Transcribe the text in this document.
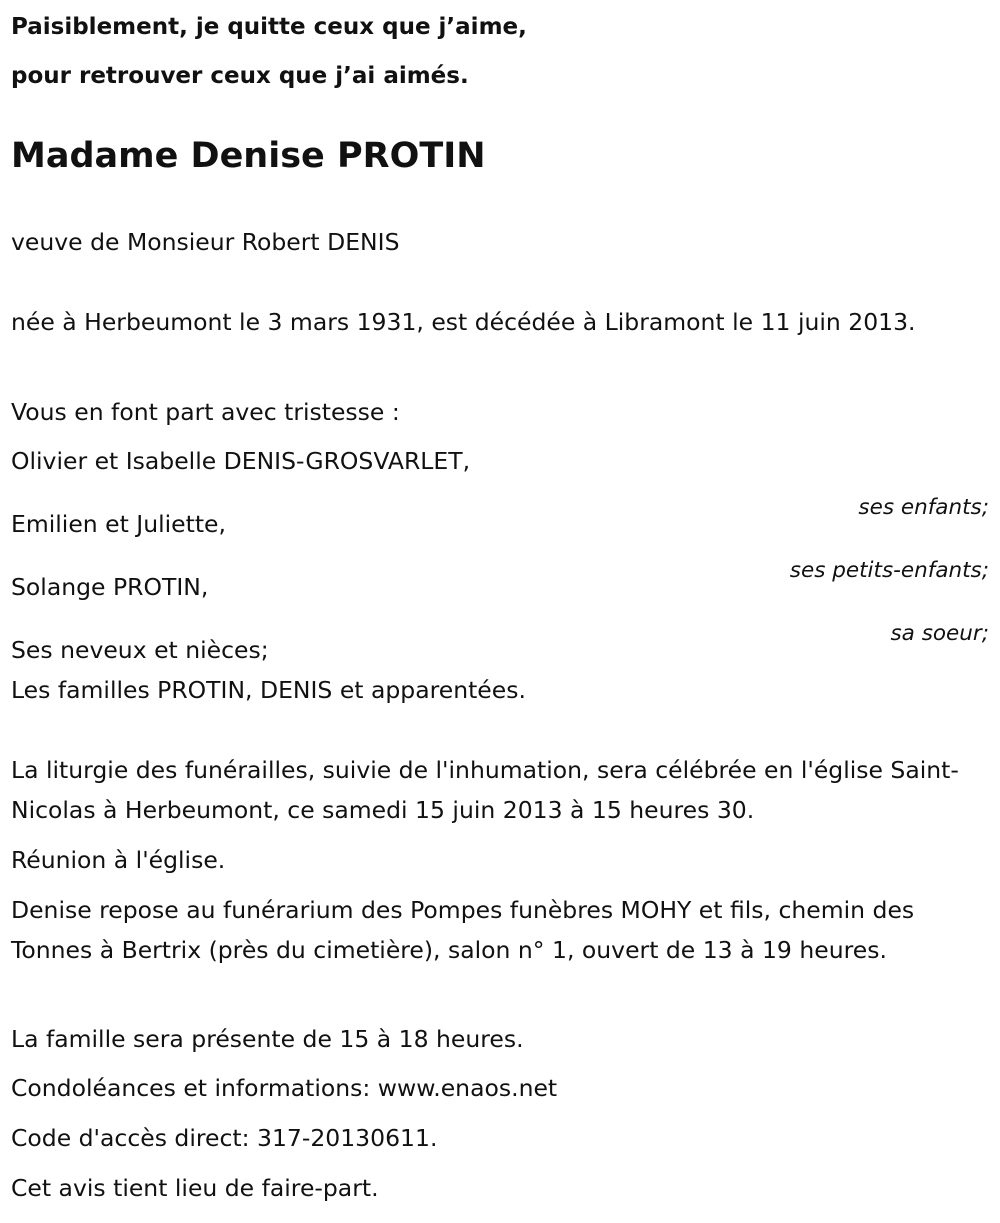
Paisiblement, je quitte ceux que j’aime,

pour retrouver ceux que j’ai aimés.

Madame Denise PROTIN

veuve de Monsieur Robert DENIS

née à Herbeumont le 3 mars 1931, est décédée à Libramont le 11 juin 2013.

Vous en font part avec tristesse :

Olivier et Isabelle DENIS-GROSVARLET,

ses enfants;

Emilien et Juliette,

ses petits-enfants;

Solange PROTIN,

sa soeur;

Ses neveux et nièces;

Les familles PROTIN, DENIS et apparentées.

La liturgie des funérailles, suivie de l'inhumation, sera célébrée en l'église Saint-Nicolas à Herbeumont, ce samedi 15 juin 2013 à 15 heures 30.

Réunion à l'église.

Denise repose au funérarium des Pompes funèbres MOHY et fils, chemin des Tonnes à Bertrix (près du cimetière), salon n° 1, ouvert de 13 à 19 heures.

La famille sera présente de 15 à 18 heures.

Condoléances et informations: www.enaos.net

Code d'accès direct: 317-20130611.

Cet avis tient lieu de faire-part.
